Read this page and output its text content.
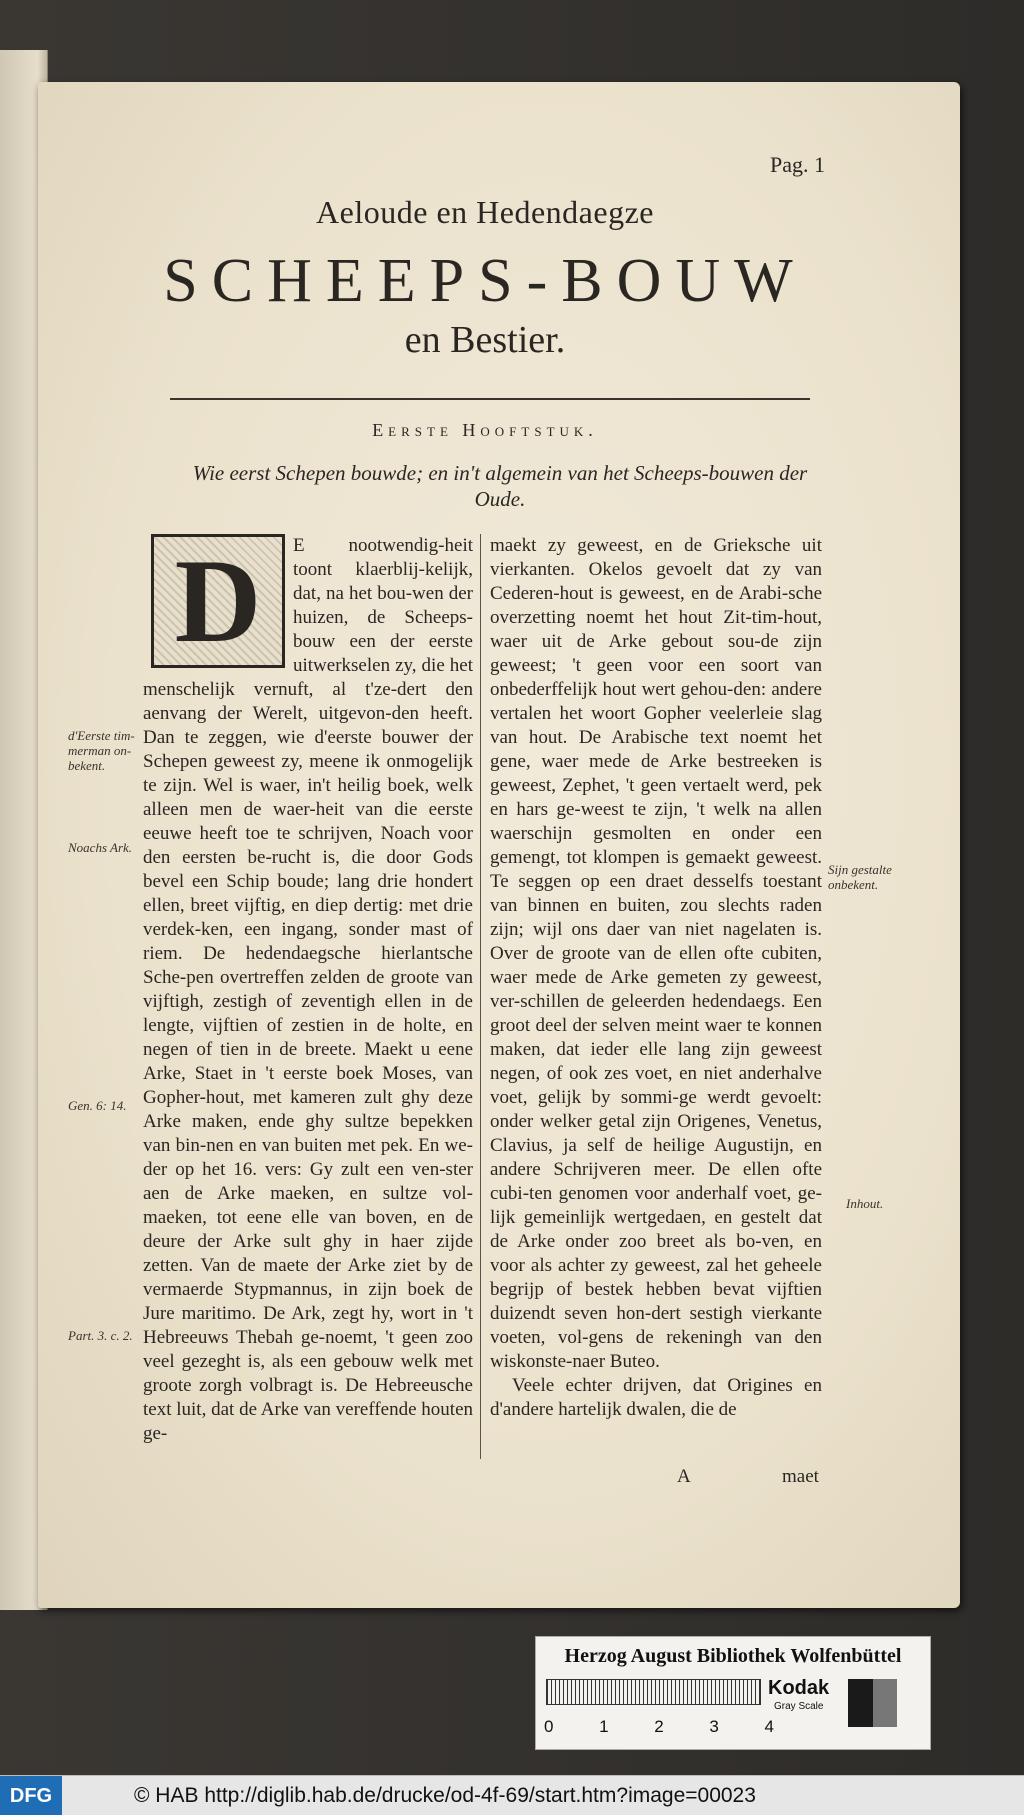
Pag. 1
Aeloude en Hedendaegze
SCHEEPS-BOUW
en Bestier.
Eerste Hooftstuk.
Wie eerst Schepen bouwde; en in't algemein van het Scheeps-bouwen der Oude.
D	E nootwendig-heit toont klaerblij-kelijk, dat, na het bou-wen der huizen, de Scheeps-bouw een der eerste uitwerkselen zy, die het menschelijk vernuft, al t'ze-dert den aenvang der Werelt, uitgevon-den heeft. Dan te zeggen, wie d'eerste bouwer der Schepen geweest zy, meene ik onmogelijk te zijn. Wel is waer, in't heilig boek, welk alleen men de waer-heit van die eerste eeuwe heeft toe te schrijven, Noach voor den eersten be-rucht is, die door Gods bevel een Schip boude; lang drie hondert ellen, breet vijftig, en diep dertig: met drie verdek-ken, een ingang, sonder mast of riem. De hedendaegsche hierlantsche Sche-pen overtreffen zelden de groote van vijftigh, zestigh of zeventigh ellen in de lengte, vijftien of zestien in de holte, en negen of tien in de breete. Maekt u eene Arke, Staet in 't eerste boek Moses, van Gopher-hout, met kameren zult ghy deze Arke maken, ende ghy sultze bepekken van bin-nen en van buiten met pek. En we-der op het 16. vers: Gy zult een ven-ster aen de Arke maeken, en sultze vol-maeken, tot eene elle van boven, en de deure der Arke sult ghy in haer zijde zetten. Van de maete der Arke ziet by de vermaerde Stypmannus, in zijn boek de Jure maritimo. De Ark, zegt hy, wort in 't Hebreeuws Thebah ge-noemt, 't geen zoo veel gezeght is, als een gebouw welk met groote zorgh volbragt is. De Hebreeusche text luit, dat de Arke van vereffende houten ge-

maekt zy geweest, en de Grieksche uit vierkanten. Okelos gevoelt dat zy van Cederen-hout is geweest, en de Arabi-sche overzetting noemt het hout Zit-tim-hout, waer uit de Arke gebout sou-de zijn geweest; 't geen voor een soort van onbederffelijk hout wert gehou-den: andere vertalen het woort Gopher veelerleie slag van hout. De Arabische text noemt het gene, waer mede de Arke bestreeken is geweest, Zephet, 't geen vertaelt werd, pek en hars ge-weest te zijn, 't welk na allen waerschijn gesmolten en onder een gemengt, tot klompen is gemaekt geweest. Te seggen op een draet desselfs toestant van binnen en buiten, zou slechts raden zijn; wijl ons daer van niet nagelaten is. Over de groote van de ellen ofte cubiten, waer mede de Arke gemeten zy geweest, ver-schillen de geleerden hedendaegs. Een groot deel der selven meint waer te konnen maken, dat ieder elle lang zijn geweest negen, of ook zes voet, en niet anderhalve voet, gelijk by sommi-ge werdt gevoelt: onder welker getal zijn Origenes, Venetus, Clavius, ja self de heilige Augustijn, en andere Schrijveren meer. De ellen ofte cubi-ten genomen voor anderhalf voet, ge-lijk gemeinlijk wertgedaen, en gestelt dat de Arke onder zoo breet als bo-ven, en voor als achter zy geweest, zal het geheele begrijp of bestek hebben bevat vijftien duizendt seven hon-dert sestigh vierkante voeten, vol-gens de rekeningh van den wiskonste-naer Buteo.

Veele echter drijven, dat Origines en d'andere hartelijk dwalen, die de

d'Eerste tim-merman on-bekent.
Noachs Ark.
Gen. 6: 14.
Part. 3. c. 2.
Sijn gestalte onbekent.
Inhout.
A	maet
Herzog August Bibliothek Wolfenbüttel
0	1	2	3	4
Kodak
Gray Scale
DFG	© HAB http://diglib.hab.de/drucke/od-4f-69/start.htm?image=00023
